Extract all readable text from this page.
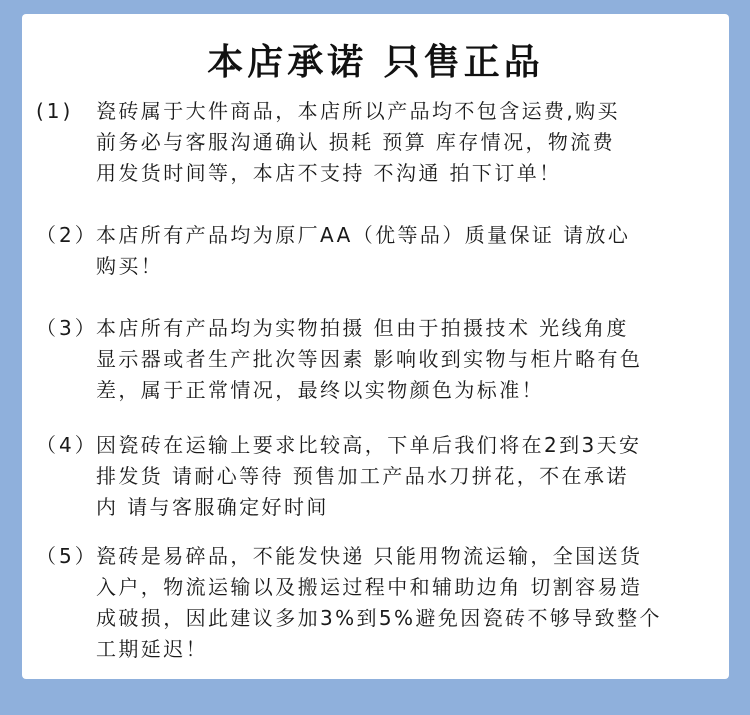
本店承诺 只售正品
(1) 瓷砖属于大件商品，本店所以产品均不包含运费,购买
前务必与客服沟通确认 损耗 预算 库存情况，物流费
用发货时间等，本店不支持 不沟通 拍下订单！
（2）本店所有产品均为原厂AA（优等品）质量保证 请放心
购买！
（3）本店所有产品均为实物拍摄 但由于拍摄技术 光线角度
显示器或者生产批次等因素 影响收到实物与柜片略有色
差，属于正常情况，最终以实物颜色为标准！
（4）因瓷砖在运输上要求比较高，下单后我们将在2到3天安
排发货 请耐心等待 预售加工产品水刀拼花，不在承诺
内 请与客服确定好时间
（5）瓷砖是易碎品，不能发快递 只能用物流运输，全国送货
入户，物流运输以及搬运过程中和辅助边角 切割容易造
成破损，因此建议多加3%到5%避免因瓷砖不够导致整个
工期延迟！
